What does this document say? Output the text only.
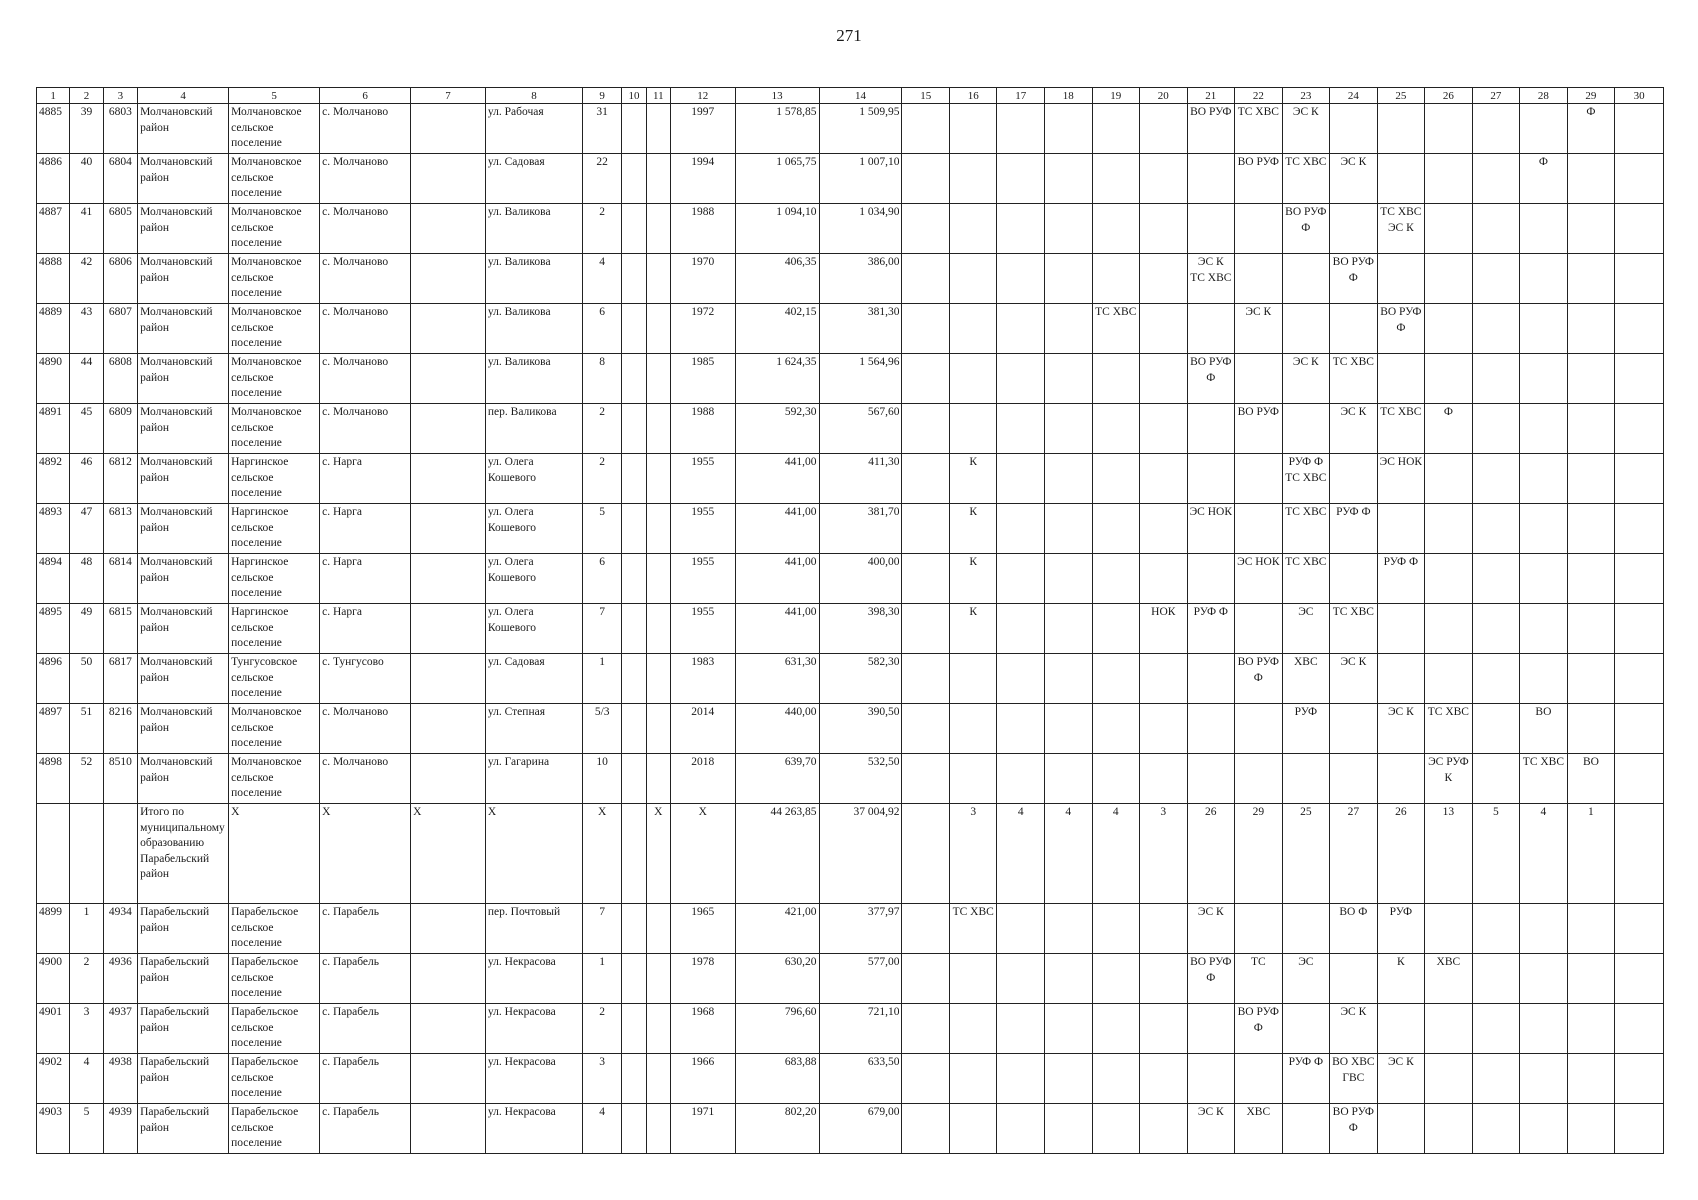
271
1	2	3	4	5	6	7	8	9	10	11	12	13	14	15	16	17	18	19	20	21	22	23	24	25	26	27	28	29	30
4885	39	6803	Молчановский район	Молчановское сельское поселение	с. Молчаново		ул. Рабочая	31			1997	1 578,85	1 509,95							ВО РУФ	ТС ХВС	ЭС К						Ф	
4886	40	6804	Молчановский район	Молчановское сельское поселение	с. Молчаново		ул. Садовая	22			1994	1 065,75	1 007,10								ВО РУФ	ТС ХВС	ЭС К				Ф		
4887	41	6805	Молчановский район	Молчановское сельское поселение	с. Молчаново		ул. Валикова	2			1988	1 094,10	1 034,90									ВО РУФ Ф		ТС ХВС ЭС К					
4888	42	6806	Молчановский район	Молчановское сельское поселение	с. Молчаново		ул. Валикова	4			1970	406,35	386,00							ЭС К ТС ХВС			ВО РУФ Ф						
4889	43	6807	Молчановский район	Молчановское сельское поселение	с. Молчаново		ул. Валикова	6			1972	402,15	381,30					ТС ХВС			ЭС К			ВО РУФ Ф					
4890	44	6808	Молчановский район	Молчановское сельское поселение	с. Молчаново		ул. Валикова	8			1985	1 624,35	1 564,96							ВО РУФ Ф		ЭС К	ТС ХВС						
4891	45	6809	Молчановский район	Молчановское сельское поселение	с. Молчаново		пер. Валикова	2			1988	592,30	567,60								ВО РУФ		ЭС К	ТС ХВС	Ф				
4892	46	6812	Молчановский район	Наргинское сельское поселение	с. Нарга		ул. Олега Кошевого	2			1955	441,00	411,30		К							РУФ Ф ТС ХВС		ЭС НОК					
4893	47	6813	Молчановский район	Наргинское сельское поселение	с. Нарга		ул. Олега Кошевого	5			1955	441,00	381,70		К					ЭС НОК		ТС ХВС	РУФ Ф						
4894	48	6814	Молчановский район	Наргинское сельское поселение	с. Нарга		ул. Олега Кошевого	6			1955	441,00	400,00		К						ЭС НОК	ТС ХВС		РУФ Ф					
4895	49	6815	Молчановский район	Наргинское сельское поселение	с. Нарга		ул. Олега Кошевого	7			1955	441,00	398,30		К				НОК	РУФ Ф		ЭС	ТС ХВС						
4896	50	6817	Молчановский район	Тунгусовское сельское поселение	с. Тунгусово		ул. Садовая	1			1983	631,30	582,30								ВО РУФ Ф	ХВС	ЭС К						
4897	51	8216	Молчановский район	Молчановское сельское поселение	с. Молчаново		ул. Степная	5/3			2014	440,00	390,50									РУФ		ЭС К	ТС ХВС		ВО		
4898	52	8510	Молчановский район	Молчановское сельское поселение	с. Молчаново		ул. Гагарина	10			2018	639,70	532,50												ЭС РУФ К		ТС ХВС	ВО	
			Итого по муниципальному образованию Парабельский район	X	X	X	X	X		X	X	44 263,85	37 004,92		3	4	4	4	3	26	29	25	27	26	13	5	4	1	
4899	1	4934	Парабельский район	Парабельское сельское поселение	с. Парабель		пер. Почтовый	7			1965	421,00	377,97		ТС ХВС					ЭС К			ВО Ф	РУФ					
4900	2	4936	Парабельский район	Парабельское сельское поселение	с. Парабель		ул. Некрасова	1			1978	630,20	577,00							ВО РУФ Ф	ТС	ЭС		К	ХВС				
4901	3	4937	Парабельский район	Парабельское сельское поселение	с. Парабель		ул. Некрасова	2			1968	796,60	721,10								ВО РУФ Ф		ЭС К						
4902	4	4938	Парабельский район	Парабельское сельское поселение	с. Парабель		ул. Некрасова	3			1966	683,88	633,50									РУФ Ф	ВО ХВС ГВС	ЭС К					
4903	5	4939	Парабельский район	Парабельское сельское поселение	с. Парабель		ул. Некрасова	4			1971	802,20	679,00							ЭС К	ХВС		ВО РУФ Ф						
